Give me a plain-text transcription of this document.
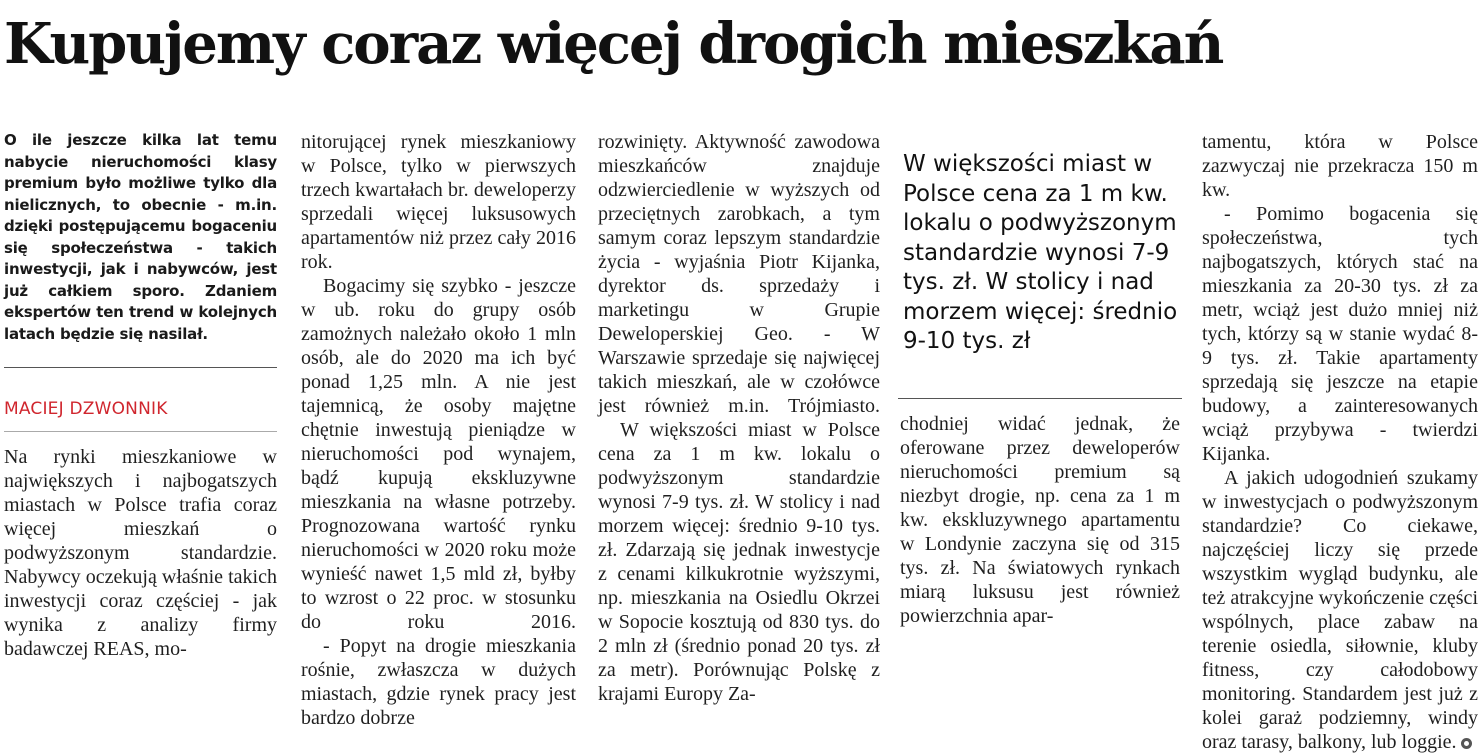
Kupujemy coraz więcej drogich mieszkań

O ile jeszcze kilka lat temu nabycie nieruchomości klasy premium było możliwe tylko dla nielicznych, to obecnie - m.in. dzięki postępującemu bogaceniu się społeczeństwa - takich inwestycji, jak i nabywców, jest już całkiem sporo. Zdaniem ekspertów ten trend w kolejnych latach będzie się nasilał.

MACIEJ DZWONNIK

Na rynki mieszkaniowe w największych i najbogatszych miastach w Polsce trafia coraz więcej mieszkań o podwyższonym standardzie. Nabywcy oczekują właśnie takich inwestycji coraz częściej - jak wynika z analizy firmy badawczej REAS, mo-

nitorującej rynek mieszkaniowy w Polsce, tylko w pierwszych trzech kwartałach br. deweloperzy sprzedali więcej luksusowych apartamentów niż przez cały 2016 rok.

Bogacimy się szybko - jeszcze w ub. roku do grupy osób zamożnych należało około 1 mln osób, ale do 2020 ma ich być ponad 1,25 mln. A nie jest tajemnicą, że osoby majętne chętnie inwestują pieniądze w nieruchomości pod wynajem, bądź kupują ekskluzywne mieszkania na własne potrzeby. Prognozowana wartość rynku nieruchomości w 2020 roku może wynieść nawet 1,5 mld zł, byłby to wzrost o 22 proc. w stosunku do roku 2016.

- Popyt na drogie mieszkania rośnie, zwłaszcza w dużych miastach, gdzie rynek pracy jest bardzo dobrze

rozwinięty. Aktywność zawodowa mieszkańców znajduje odzwierciedlenie w wyższych od przeciętnych zarobkach, a tym samym coraz lepszym standardzie życia - wyjaśnia Piotr Kijanka, dyrektor ds. sprzedaży i marketingu w Grupie Deweloperskiej Geo. - W Warszawie sprzedaje się najwięcej takich mieszkań, ale w czołówce jest również m.in. Trójmiasto.

W większości miast w Polsce cena za 1 m kw. lokalu o podwyższonym standardzie wynosi 7-9 tys. zł. W stolicy i nad morzem więcej: średnio 9-10 tys. zł. Zdarzają się jednak inwestycje z cenami kilkukrotnie wyższymi, np. mieszkania na Osiedlu Okrzei w Sopocie kosztują od 830 tys. do 2 mln zł (średnio ponad 20 tys. zł za metr). Porównując Polskę z krajami Europy Za-

W większości miast w Polsce cena za 1 m kw. lokalu o podwyższonym standardzie wynosi 7-9 tys. zł. W stolicy i nad morzem więcej: średnio 9-10 tys. zł

chodniej widać jednak, że oferowane przez deweloperów nieruchomości premium są niezbyt drogie, np. cena za 1 m kw. ekskluzywnego apartamentu w Londynie zaczyna się od 315 tys. zł. Na światowych rynkach miarą luksusu jest również powierzchnia apar-

tamentu, która w Polsce zazwyczaj nie przekracza 150 m kw.

- Pomimo bogacenia się społeczeństwa, tych najbogatszych, których stać na mieszkania za 20-30 tys. zł za metr, wciąż jest dużo mniej niż tych, którzy są w stanie wydać 8-9 tys. zł. Takie apartamenty sprzedają się jeszcze na etapie budowy, a zainteresowanych wciąż przybywa - twierdzi Kijanka.

A jakich udogodnień szukamy w inwestycjach o podwyższonym standardzie? Co ciekawe, najczęściej liczy się przede wszystkim wygląd budynku, ale też atrakcyjne wykończenie części wspólnych, place zabaw na terenie osiedla, siłownie, kluby fitness, czy całodobowy monitoring. Standardem jest już z kolei garaż podziemny, windy oraz tarasy, balkony, lub loggie.
